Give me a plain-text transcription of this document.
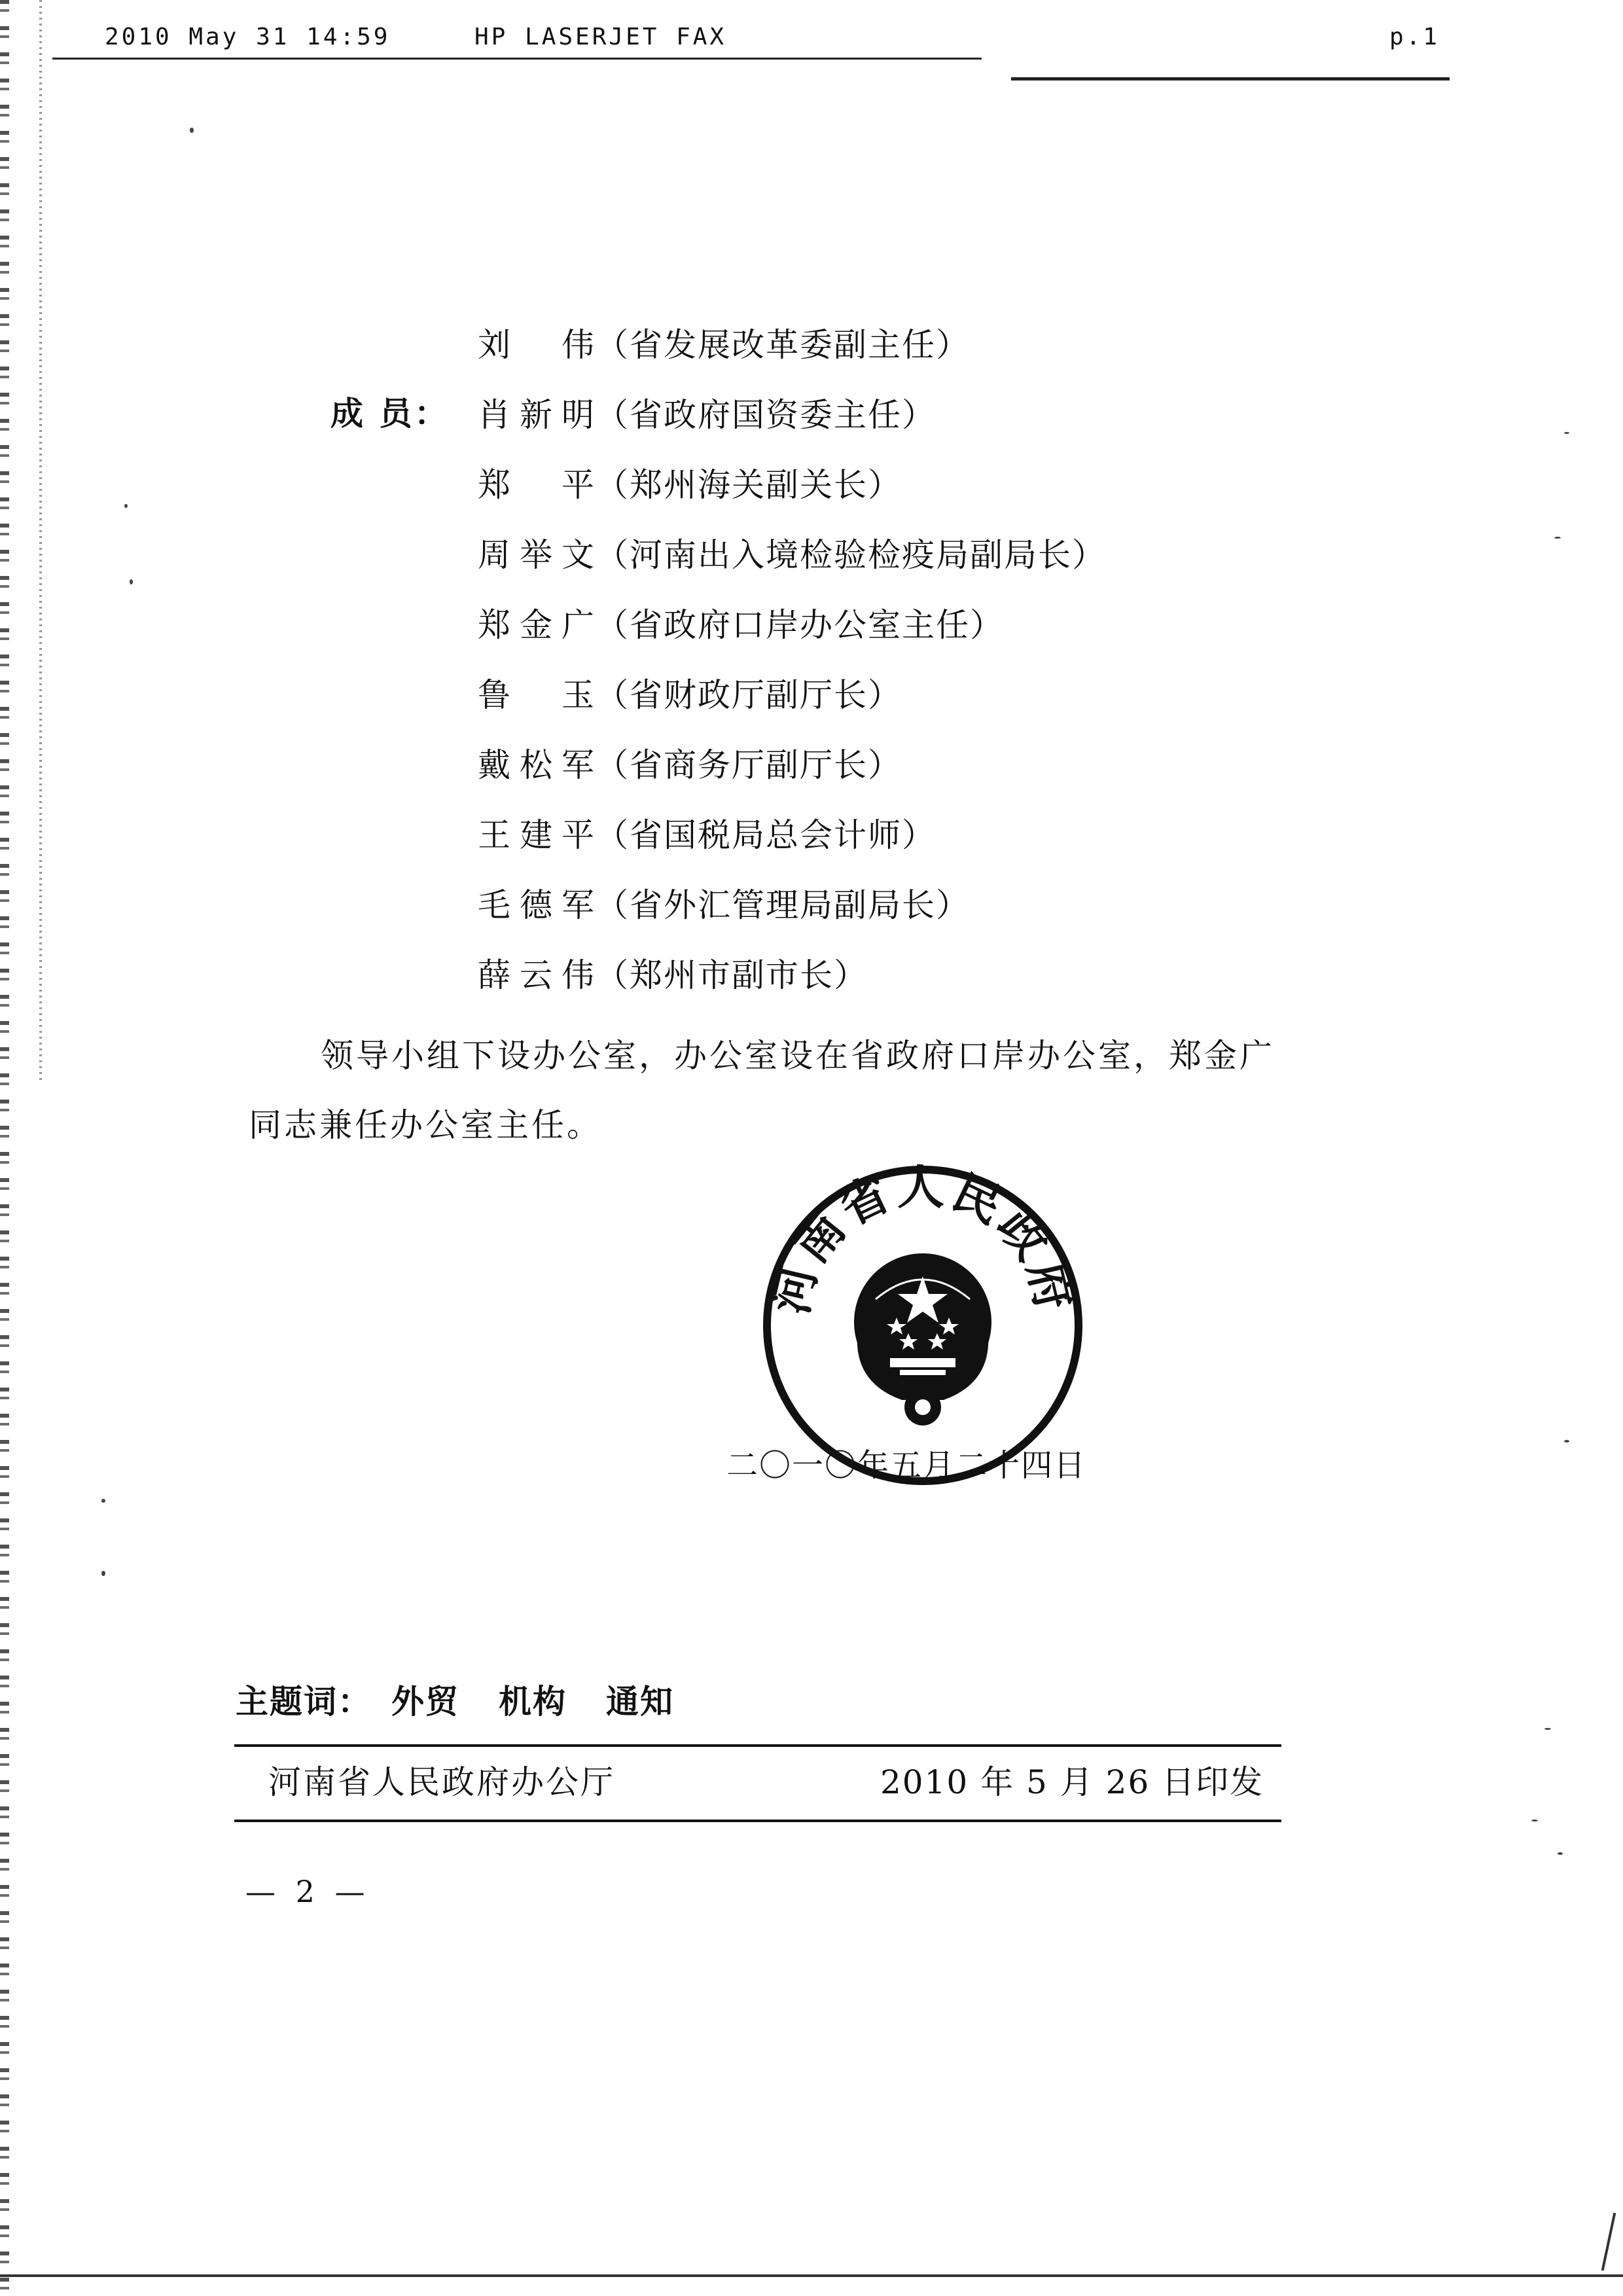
2010 May 31 14:59	HP LASERJET FAX	p.1
成 员：
刘 伟（省发展改革委副主任）
肖新明（省政府国资委主任）
郑 平（郑州海关副关长）
周举文（河南出入境检验检疫局副局长）
郑金广（省政府口岸办公室主任）
鲁 玉（省财政厅副厅长）
戴松军（省商务厅副厅长）
王建平（省国税局总会计师）
毛德军（省外汇管理局副局长）
薛云伟（郑州市副市长）
领导小组下设办公室，办公室设在省政府口岸办公室，郑金广同志兼任办公室主任。
河南省人民政府
二〇一〇年五月二十四日
主题词： 外贸 机构 通知
河南省人民政府办公厅	2010 年 5 月 26 日印发
— 2 —
